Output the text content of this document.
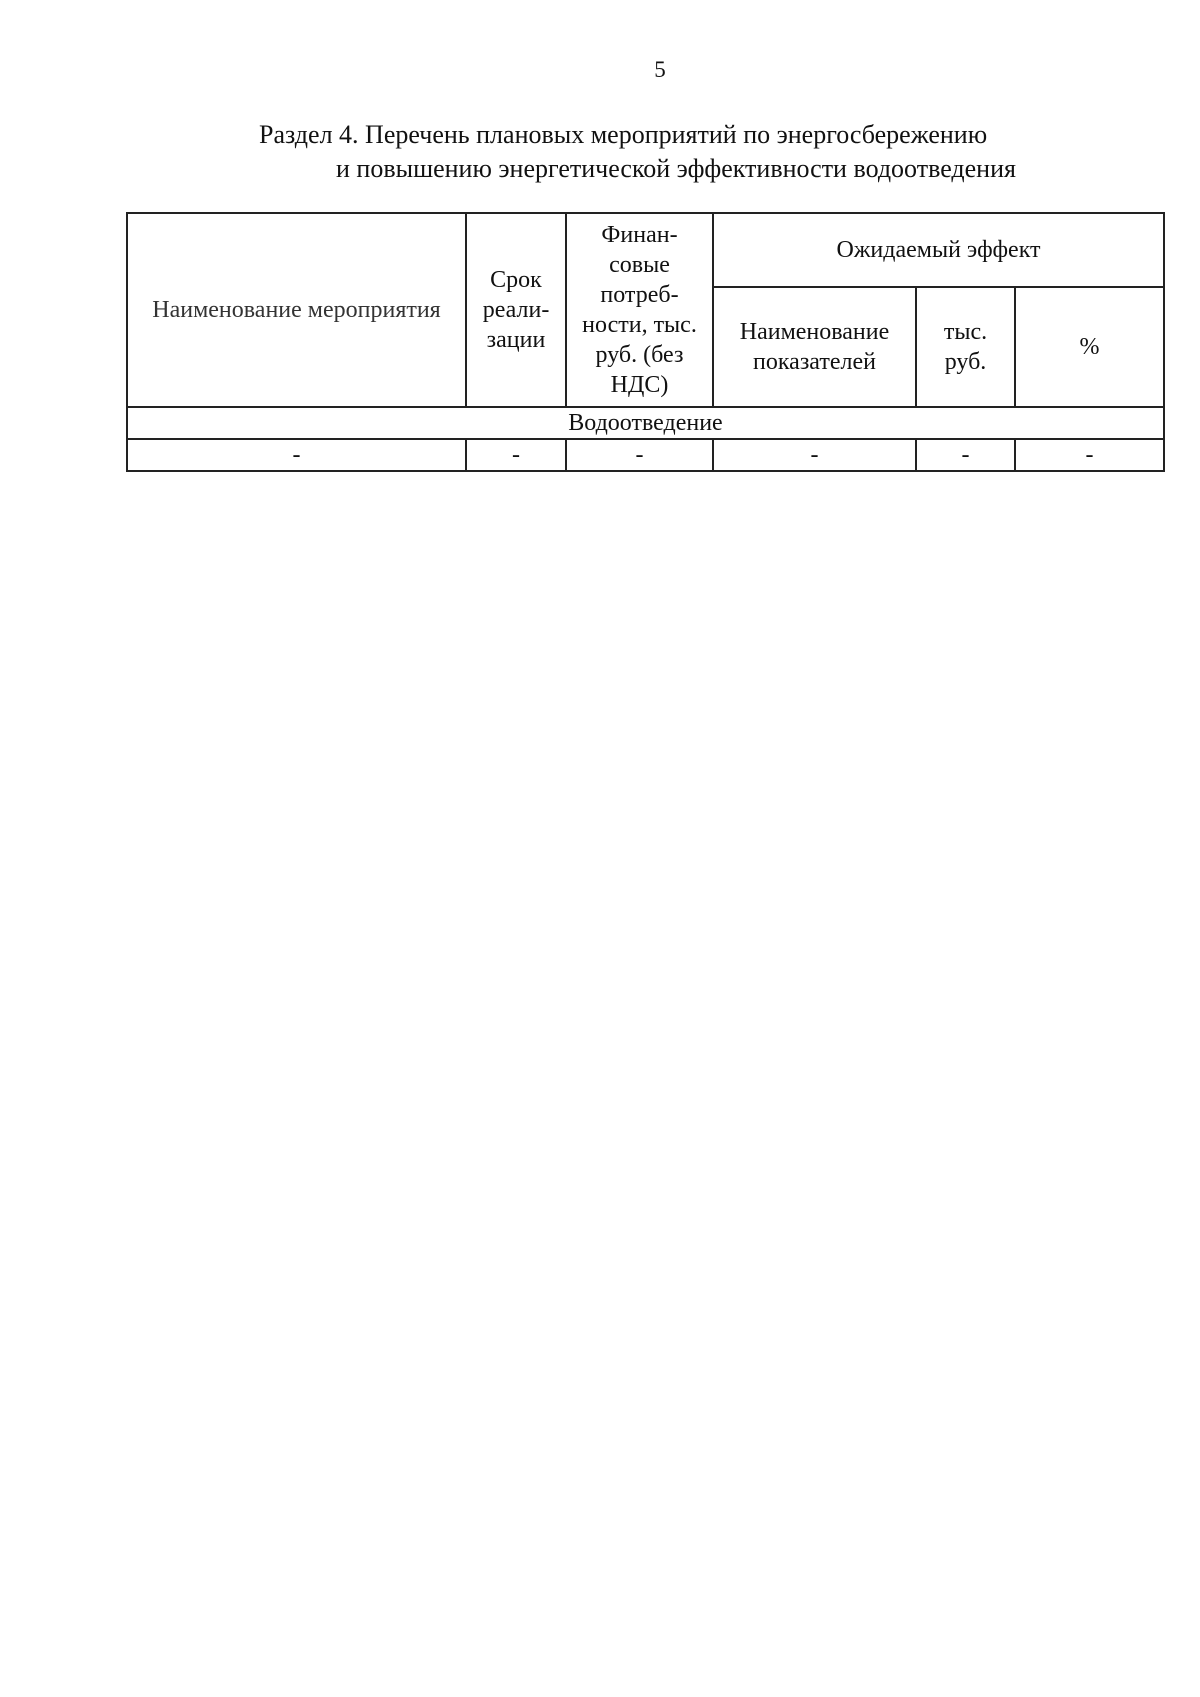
5
Раздел 4. Перечень плановых мероприятий по энергосбережению
и повышению энергетической эффективности водоотведения
Наименование мероприятия	Срок реали- зации	Финан- совые потреб- ности, тыс. руб. (без НДС)	Ожидаемый эффект		
			Наименование показателей	тыс. руб.	%
Водоотведение					
-	-	-	-	-	-
